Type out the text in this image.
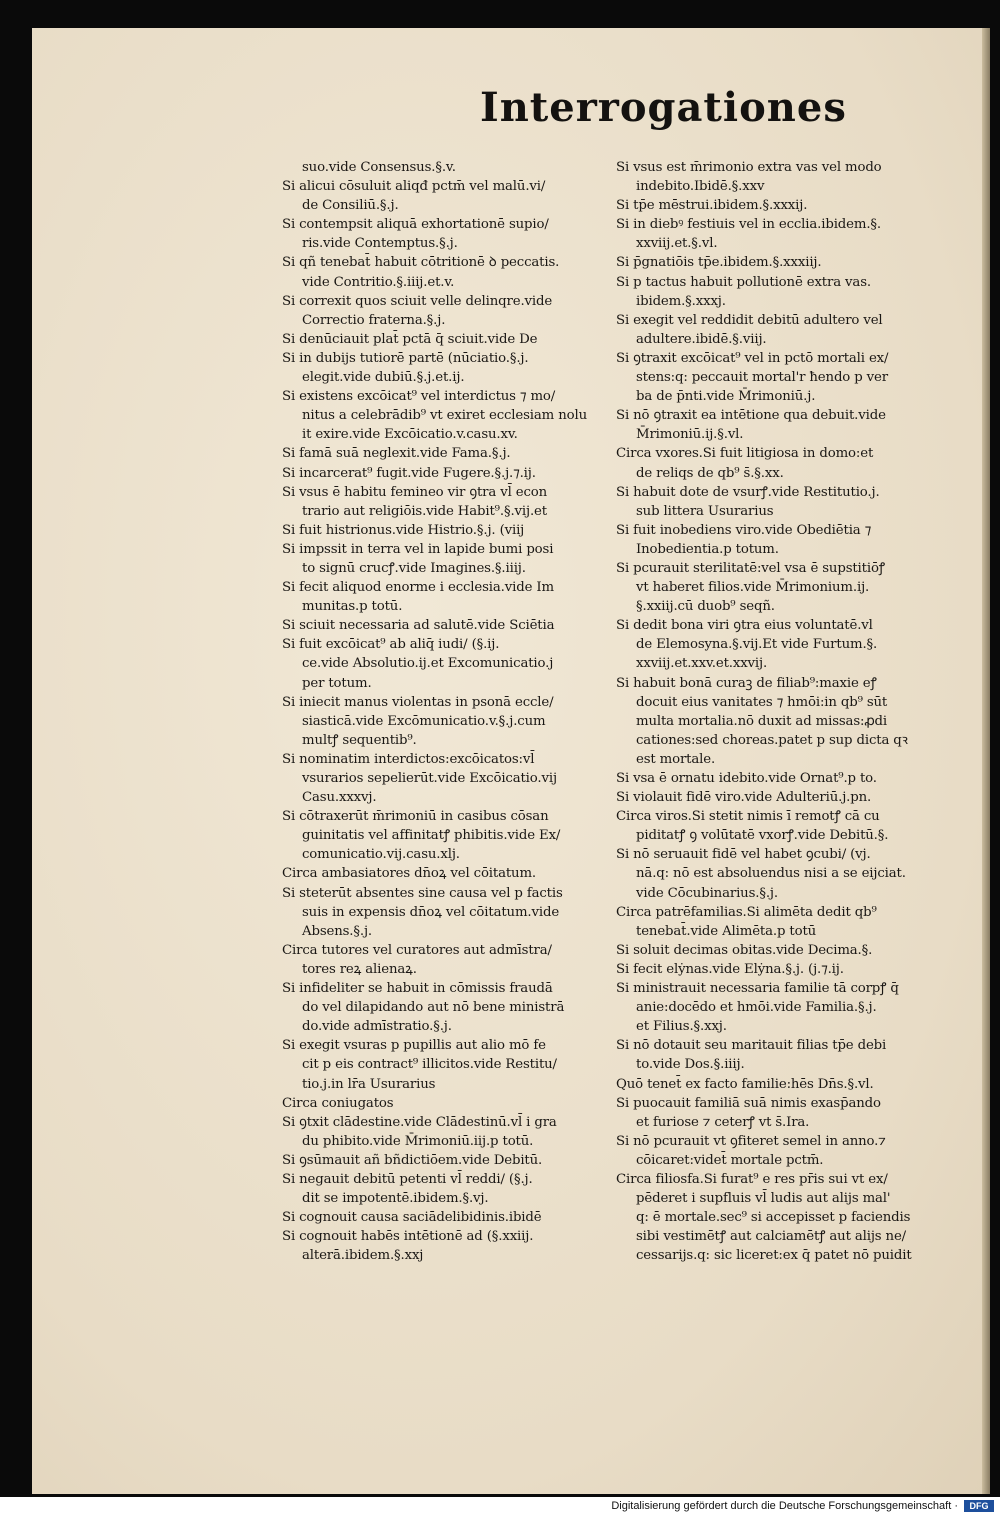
Interrogationes
suo.vide Consensus.§.v.
Si alicui cōsuluit aliqđ pctm̄ vel malū.vi/
de Consiliū.§.j.
Si contempsit aliquā exhortationē supio/
ris.vide Contemptus.§.j.
Si qñ tenebat̄ habuit cōtritionē ꝺ peccatis.
vide Contritio.§.iiij.et.v.
Si correxit quos sciuit velle delinqre.vide
Correctio fraterna.§.j.
Si denūciauit plat̄ pctā q̄ sciuit.vide De
Si in dubijs tutiorē partē (nūciatio.§.j.
elegit.vide dubiū.§.j.et.ij.
Si existens excōicat⁹ vel interdictus ⁊ mo/
nitus a celebrādib⁹ vt exiret ecclesiam nolu
it exire.vide Excōicatio.v.casu.xv.
Si famā suā neglexit.vide Fama.§.j.
Si incarcerat⁹ fugit.vide Fugere.§.j.⁊.ij.
Si vsus ē habitu femineo vir ꝯtra vl̄ econ
trario aut religiōis.vide Habit⁹.§.vij.et
Si fuit histrionus.vide Histrio.§.j. (viij
Si impssit in terra vel in lapide bumi posi
to signū crucꝭ.vide Imagines.§.iiij.
Si fecit aliquod enorme i ecclesia.vide Im
munitas.p totū.
Si sciuit necessaria ad salutē.vide Sciētia
Si fuit excōicat⁹ ab aliq̄ iudi/ (§.ij.
ce.vide Absolutio.ij.et Excomunicatio.j
per totum.
Si iniecit manus violentas in psonā eccle/
siasticā.vide Excōmunicatio.v.§.j.cum
multꝭ sequentib⁹.
Si nominatim interdictos:excōicatos:vl̄
vsurarios sepelierūt.vide Excōicatio.vij
Casu.xxxvj.
Si cōtraxerūt m̄rimoniū in casibus cōsan
guinitatis vel affinitatꝭ phibitis.vide Ex/
comunicatio.vij.casu.xlj.
Circa ambasiatores dn̄oꝝ vel cōitatum.
Si steterūt absentes sine causa vel p factis
suis in expensis dn̄oꝝ vel cōitatum.vide
Absens.§.j.
Circa tutores vel curatores aut admīstra/
tores reꝝ alienaꝝ.
Si infideliter se habuit in cōmissis fraudā
do vel dilapidando aut nō bene ministrā
do.vide admīstratio.§.j.
Si exegit vsuras p pupillis aut alio mō fe
cit p eis contract⁹ illicitos.vide Restitu/
tio.j.in lr̄a Usurarius
Circa coniugatos
Si ꝯtxit clādestine.vide Clādestinū.vl̄ i gra
du phibito.vide M̄rimoniū.iij.p totū.
Si ꝯsūmauit añ bñdictiōem.vide Debitū.
Si negauit debitū petenti vl̄ reddi/ (§.j.
dit se impotentē.ibidem.§.vj.
Si cognouit causa saciādelibidinis.ibidē
Si cognouit habēs intētionē ad (§.xxiij.
alterā.ibidem.§.xxj
Si vsus est m̄rimonio extra vas vel modo
indebito.Ibidē.§.xxv
Si tp̄e mēstrui.ibidem.§.xxxij.
Si in diebꝰ festiuis vel in ecclia.ibidem.§.
xxviij.et.§.vl.
Si p̄gnatiōis tp̄e.ibidem.§.xxxiij.
Si p tactus habuit pollutionē extra vas.
ibidem.§.xxxj.
Si exegit vel reddidit debitū adultero vel
adultere.ibidē.§.viij.
Si ꝯtraxit excōicat⁹ vel in pctō mortali ex/
stens:q: peccauit mortal'r ħendo p ver
ba de p̄nti.vide M̄rimoniū.j.
Si nō ꝯtraxit ea intētione qua debuit.vide
M̄rimoniū.ij.§.vl.
Circa vxores.Si fuit litigiosa in domo:et
de reliqs de qb⁹ s̄.§.xx.
Si habuit dote de vsurꝭ.vide Restitutio.j.
sub littera Usurarius
Si fuit inobediens viro.vide Obediētia ⁊
Inobedientia.p totum.
Si pcurauit sterilitatē:vel vsa ē supstitiōꝭ
vt haberet filios.vide M̄rimonium.ij.
§.xxiij.cū duob⁹ seqñ.
Si dedit bona viri ꝯtra eius voluntatē.vl
de Elemosyna.§.vij.Et vide Furtum.§.
xxviij.et.xxv.et.xxvij.
Si habuit bonā curaꝫ de filiab⁹:maxie eꝭ
docuit eius vanitates ⁊ hmōi:in qb⁹ sūt
multa mortalia.nō duxit ad missas:ꝓdi
cationes:sed choreas.patet p sup dicta qꝛ
est mortale.
Si vsa ē ornatu idebito.vide Ornat⁹.p to.
Si violauit fidē viro.vide Adulteriū.j.pn.
Circa viros.Si stetit nimis ī remotꝭ cā cu
piditatꝭ ꝯ volūtatē vxorꝭ.vide Debitū.§.
Si nō seruauit fidē vel habet ꝯcubi/ (vj.
nā.q: nō est absoluendus nisi a se eijciat.
vide Cōcubinarius.§.j.
Circa patrēfamilias.Si alimēta dedit qb⁹
tenebat̄.vide Alimēta.p totū
Si soluit decimas obitas.vide Decima.§.
Si fecit elẏnas.vide Elẏna.§.j. (j.⁊.ij.
Si ministrauit necessaria familie tā corpꝭ q̄
anie:docēdo et hmōi.vide Familia.§.j.
et Filius.§.xxj.
Si nō dotauit seu maritauit filias tp̄e debi
to.vide Dos.§.iiij.
Quō tenet̄ ex facto familie:hēs Dn̄s.§.vl.
Si puocauit familiā suā nimis exasp̄ando
et furiose ⁊ ceterꝭ vt s̄.Ira.
Si nō pcurauit vt ꝯfiteret semel in anno.⁊
cōicaret:videt̄ mortale pctm̄.
Circa filiosfa.Si furat⁹ e res pr̄is sui vt ex/
pēderet i supfluis vl̄ ludis aut alijs mal'
q: ē mortale.sec⁹ si accepisset p faciendis
sibi vestimētꝭ aut calciamētꝭ aut alijs ne/
cessarijs.q: sic liceret:ex q̄ patet nō puidit
Digitalisierung gefördert durch die Deutsche Forschungsgemeinschaft ·	DFG
